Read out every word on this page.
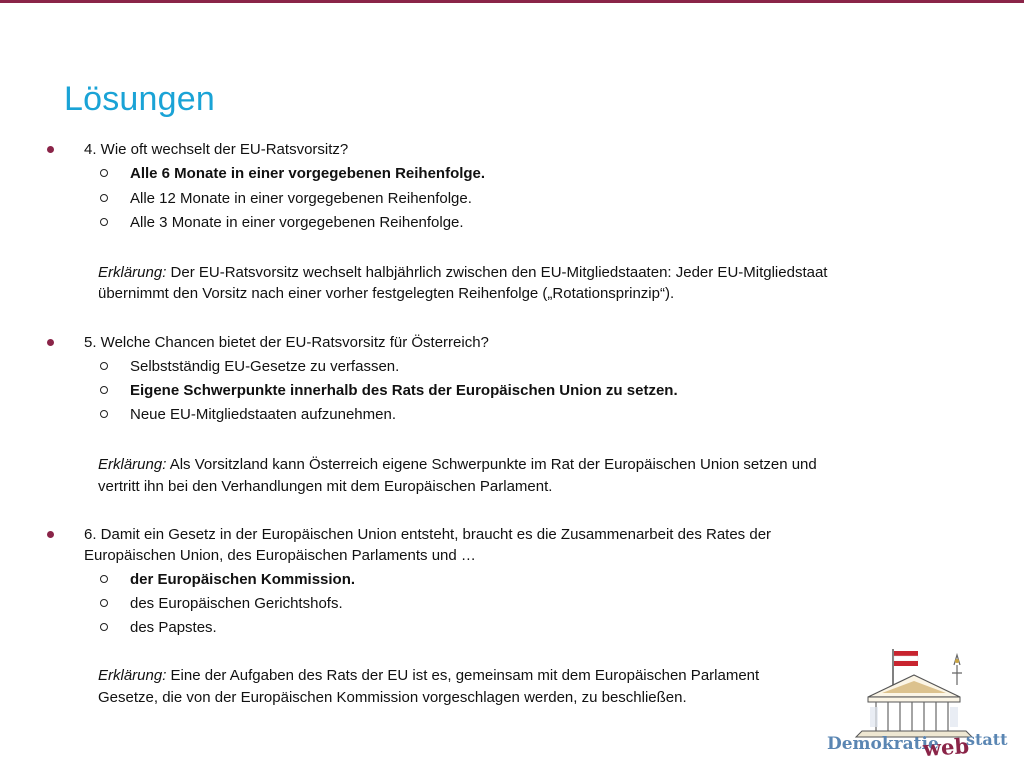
Lösungen
4. Wie oft wechselt der EU-Ratsvorsitz?
Alle 6 Monate in einer vorgegebenen Reihenfolge.
Alle 12 Monate in einer vorgegebenen Reihenfolge.
Alle 3 Monate in einer vorgegebenen Reihenfolge.
Erklärung: Der EU-Ratsvorsitz wechselt halbjährlich zwischen den EU-Mitgliedstaaten: Jeder EU-Mitgliedstaat
übernimmt den Vorsitz nach einer vorher festgelegten Reihenfolge („Rotationsprinzip“).
5. Welche Chancen bietet der EU-Ratsvorsitz für Österreich?
Selbstständig EU-Gesetze zu verfassen.
Eigene Schwerpunkte innerhalb des Rats der Europäischen Union zu setzen.
Neue EU-Mitgliedstaaten aufzunehmen.
Erklärung: Als Vorsitzland kann Österreich eigene Schwerpunkte im Rat der Europäischen Union setzen und
vertritt ihn bei den Verhandlungen mit dem Europäischen Parlament.
6. Damit ein Gesetz in der Europäischen Union entsteht, braucht es die Zusammenarbeit des Rates der
Europäischen Union, des Europäischen Parlaments und …
der Europäischen Kommission.
des Europäischen Gerichtshofs.
des Papstes.
Erklärung: Eine der Aufgaben des Rats der EU ist es, gemeinsam mit dem Europäischen Parlament
Gesetze, die von der Europäischen Kommission vorgeschlagen werden, zu beschließen.
Demokratie
web
statt
